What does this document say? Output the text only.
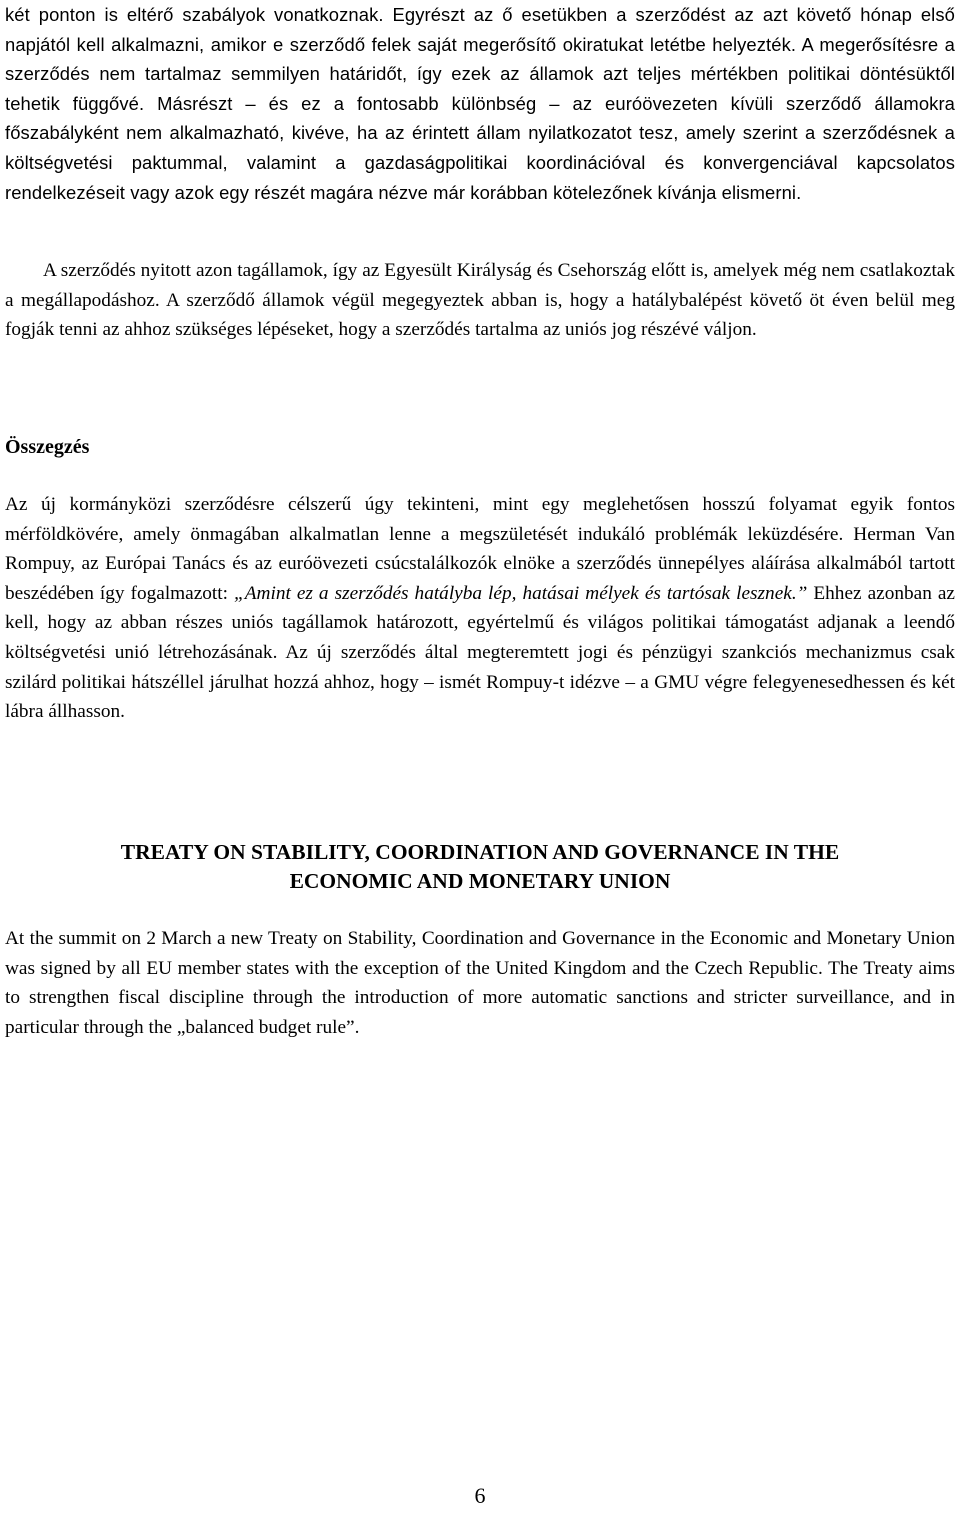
két ponton is eltérő szabályok vonatkoznak. Egyrészt az ő esetükben a szerződést az azt követő hónap első napjától kell alkalmazni, amikor e szerződő felek saját megerősítő okiratukat letétbe helyezték. A megerősítésre a szerződés nem tartalmaz semmilyen határidőt, így ezek az államok azt teljes mértékben politikai döntésüktől tehetik függővé. Másrészt – és ez a fontosabb különbség – az euróövezeten kívüli szerződő államokra főszabályként nem alkalmazható, kivéve, ha az érintett állam nyilatkozatot tesz, amely szerint a szerződésnek a költségvetési paktummal, valamint a gazdaságpolitikai koordinációval és konvergenciával kapcsolatos rendelkezéseit vagy azok egy részét magára nézve már korábban kötelezőnek kívánja elismerni.

A szerződés nyitott azon tagállamok, így az Egyesült Királyság és Csehország előtt is, amelyek még nem csatlakoztak a megállapodáshoz. A szerződő államok végül megegyeztek abban is, hogy a hatálybalépést követő öt éven belül meg fogják tenni az ahhoz szükséges lépéseket, hogy a szerződés tartalma az uniós jog részévé váljon.

Összegzés

Az új kormányközi szerződésre célszerű úgy tekinteni, mint egy meglehetősen hosszú folyamat egyik fontos mérföldkövére, amely önmagában alkalmatlan lenne a megszületését indukáló problémák leküzdésére. Herman Van Rompuy, az Európai Tanács és az euróövezeti csúcstalálkozók elnöke a szerződés ünnepélyes aláírása alkalmából tartott beszédében így fogalmazott: „Amint ez a szerződés hatályba lép, hatásai mélyek és tartósak lesznek.” Ehhez azonban az kell, hogy az abban részes uniós tagállamok határozott, egyértelmű és világos politikai támogatást adjanak a leendő költségvetési unió létrehozásának. Az új szerződés által megteremtett jogi és pénzügyi szankciós mechanizmus csak szilárd politikai hátszéllel járulhat hozzá ahhoz, hogy – ismét Rompuy-t idézve – a GMU végre felegyenesedhessen és két lábra állhasson.

TREATY ON STABILITY, COORDINATION AND GOVERNANCE IN THE
ECONOMIC AND MONETARY UNION

At the summit on 2 March a new Treaty on Stability, Coordination and Governance in the Economic and Monetary Union was signed by all EU member states with the exception of the United Kingdom and the Czech Republic. The Treaty aims to strengthen fiscal discipline through the introduction of more automatic sanctions and stricter surveillance, and in particular through the „balanced budget rule”.

6
